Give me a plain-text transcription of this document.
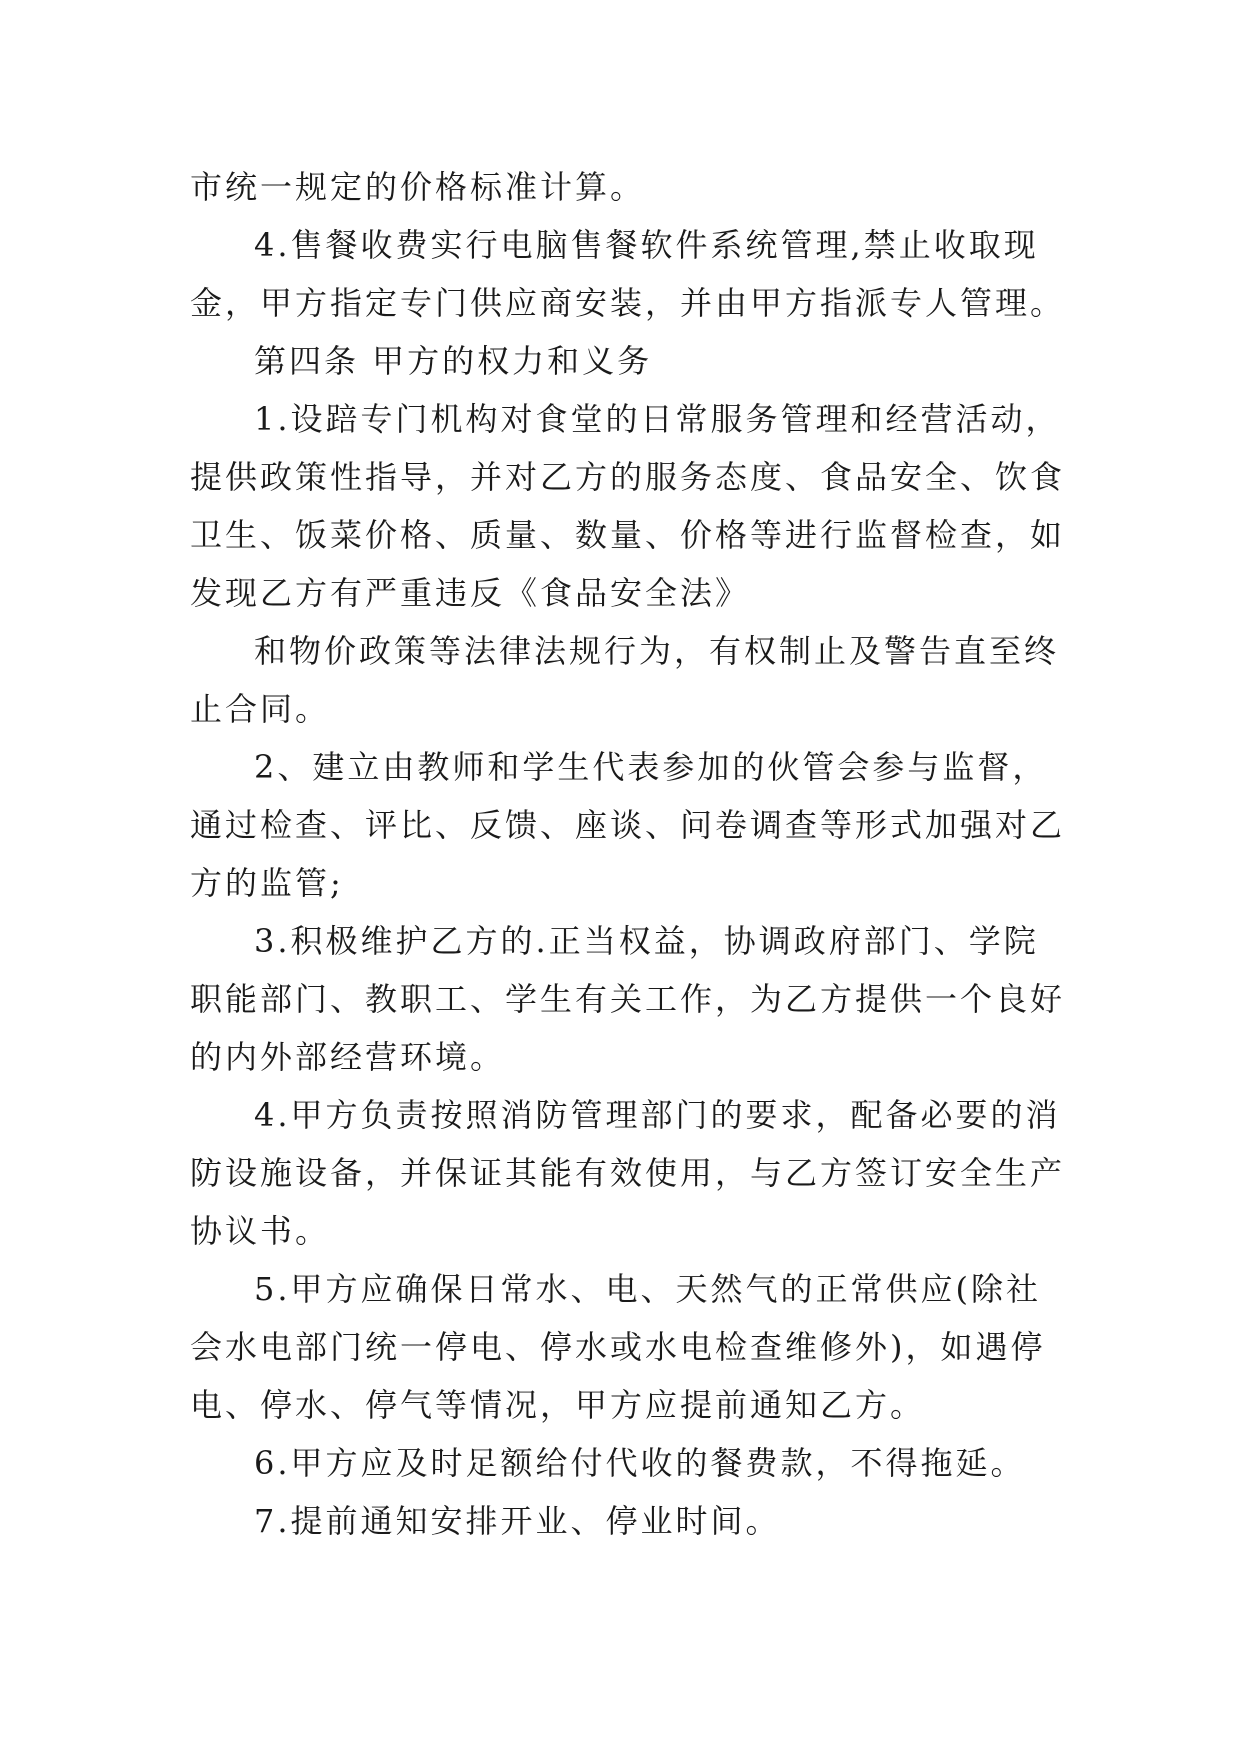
市统一规定的价格标准计算。

4.售餐收费实行电脑售餐软件系统管理,禁止收取现金，甲方指定专门供应商安装，并由甲方指派专人管理。

第四条 甲方的权力和义务

1.设踣专门机构对食堂的日常服务管理和经营活动，提供政策性指导，并对乙方的服务态度、食品安全、饮食卫生、饭菜价格、质量、数量、价格等进行监督检查，如发现乙方有严重违反《食品安全法》

和物价政策等法律法规行为，有权制止及警告直至终止合同。

2、建立由教师和学生代表参加的伙管会参与监督，通过检查、评比、反馈、座谈、问卷调查等形式加强对乙方的监管;

3.积极维护乙方的.正当权益，协调政府部门、学院职能部门、教职工、学生有关工作，为乙方提供一个良好的内外部经营环境。

4.甲方负责按照消防管理部门的要求，配备必要的消防设施设备，并保证其能有效使用，与乙方签订安全生产协议书。

5.甲方应确保日常水、电、天然气的正常供应(除社会水电部门统一停电、停水或水电检查维修外)，如遇停电、停水、停气等情况，甲方应提前通知乙方。

6.甲方应及时足额给付代收的餐费款，不得拖延。

7.提前通知安排开业、停业时间。
